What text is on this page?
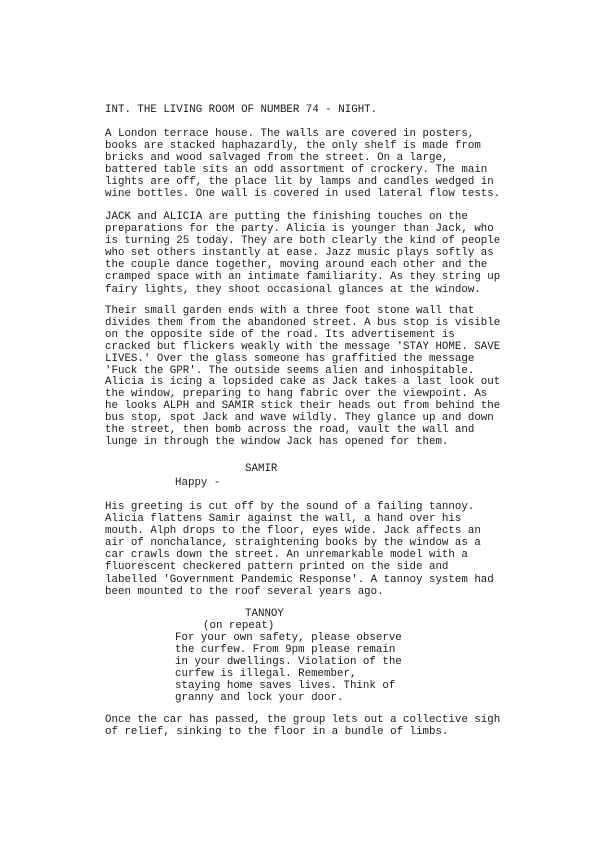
INT. THE LIVING ROOM OF NUMBER 74 - NIGHT.
A London terrace house. The walls are covered in posters,
books are stacked haphazardly, the only shelf is made from
bricks and wood salvaged from the street. On a large,
battered table sits an odd assortment of crockery. The main
lights are off, the place lit by lamps and candles wedged in
wine bottles. One wall is covered in used lateral flow tests.
JACK and ALICIA are putting the finishing touches on the
preparations for the party. Alicia is younger than Jack, who
is turning 25 today. They are both clearly the kind of people
who set others instantly at ease. Jazz music plays softly as
the couple dance together, moving around each other and the
cramped space with an intimate familiarity. As they string up
fairy lights, they shoot occasional glances at the window.
Their small garden ends with a three foot stone wall that
divides them from the abandoned street. A bus stop is visible
on the opposite side of the road. Its advertisement is
cracked but flickers weakly with the message 'STAY HOME. SAVE
LIVES.' Over the glass someone has graffitied the message
'Fuck the GPR'. The outside seems alien and inhospitable.
Alicia is icing a lopsided cake as Jack takes a last look out
the window, preparing to hang fabric over the viewpoint. As
he looks ALPH and SAMIR stick their heads out from behind the
bus stop, spot Jack and wave wildly. They glance up and down
the street, then bomb across the road, vault the wall and
lunge in through the window Jack has opened for them.
SAMIR
Happy -
His greeting is cut off by the sound of a failing tannoy.
Alicia flattens Samir against the wall, a hand over his
mouth. Alph drops to the floor, eyes wide. Jack affects an
air of nonchalance, straightening books by the window as a
car crawls down the street. An unremarkable model with a
fluorescent checkered pattern printed on the side and
labelled 'Government Pandemic Response'. A tannoy system had
been mounted to the roof several years ago.
TANNOY
(on repeat)
For your own safety, please observe
the curfew. From 9pm please remain
in your dwellings. Violation of the
curfew is illegal. Remember,
staying home saves lives. Think of
granny and lock your door.
Once the car has passed, the group lets out a collective sigh
of relief, sinking to the floor in a bundle of limbs.
